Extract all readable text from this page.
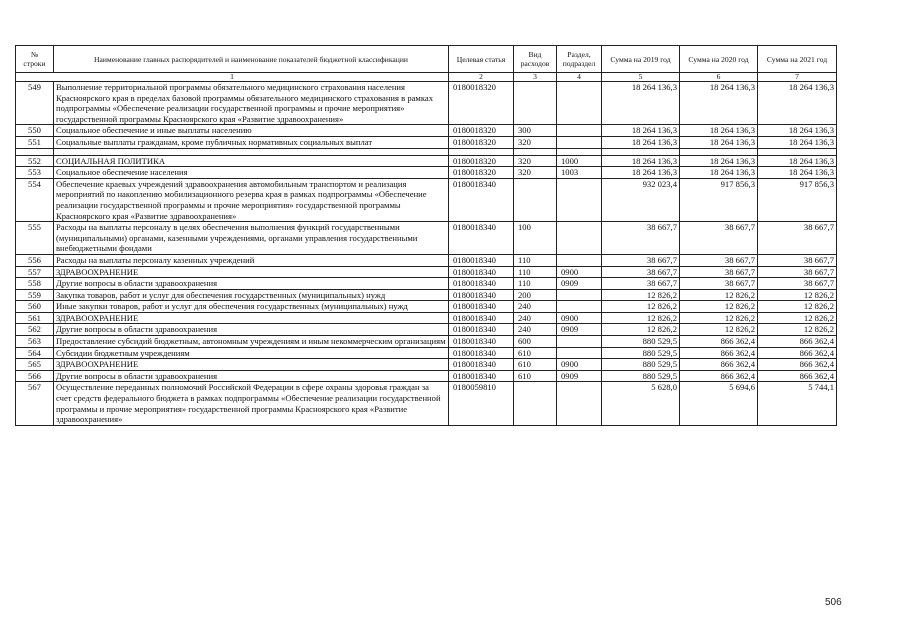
№
строки	Наименование главных распорядителей и наименование показателей бюджетной классификации	Целевая статья	Вид расходов	Раздел, подраздел	Сумма на 2019 год	Сумма на 2020 год	Сумма на 2021 год
1		2	3	4	5	6	7
549	Выполнение территориальной программы обязательного медицинского страхования населения Красноярского края в пределах базовой программы обязательного медицинского страхования в рамках подпрограммы «Обеспечение реализации государственной программы и прочие мероприятия» государственной программы Красноярского края «Развитие здравоохранения»	0180018320			18 264 136,3	18 264 136,3	18 264 136,3
550	Социальное обеспечение и иные выплаты населению	0180018320	300		18 264 136,3	18 264 136,3	18 264 136,3
551	Социальные выплаты гражданам, кроме публичных нормативных социальных выплат	0180018320	320		18 264 136,3	18 264 136,3	18 264 136,3

552	СОЦИАЛЬНАЯ ПОЛИТИКА	0180018320	320	1000	18 264 136,3	18 264 136,3	18 264 136,3
553	Социальное обеспечение населения	0180018320	320	1003	18 264 136,3	18 264 136,3	18 264 136,3
554	Обеспечение краевых учреждений здравоохранения автомобильным транспортом и реализация мероприятий по накоплению мобилизационного резерва края в рамках подпрограммы «Обеспечение реализации государственной программы и прочие мероприятия» государственной программы Красноярского края «Развитие здравоохранения»	0180018340			932 023,4	917 856,3	917 856,3
555	Расходы на выплаты персоналу в целях обеспечения выполнения функций государственными (муниципальными) органами, казенными учреждениями, органами управления государственными внебюджетными фондами	0180018340	100		38 667,7	38 667,7	38 667,7
556	Расходы на выплаты персоналу казенных учреждений	0180018340	110		38 667,7	38 667,7	38 667,7
557	ЗДРАВООХРАНЕНИЕ	0180018340	110	0900	38 667,7	38 667,7	38 667,7
558	Другие вопросы в области здравоохранения	0180018340	110	0909	38 667,7	38 667,7	38 667,7
559	Закупка товаров, работ и услуг для обеспечения государственных (муниципальных) нужд	0180018340	200		12 826,2	12 826,2	12 826,2
560	Иные закупки товаров, работ и услуг для обеспечения государственных (муниципальных) нужд	0180018340	240		12 826,2	12 826,2	12 826,2
561	ЗДРАВООХРАНЕНИЕ	0180018340	240	0900	12 826,2	12 826,2	12 826,2
562	Другие вопросы в области здравоохранения	0180018340	240	0909	12 826,2	12 826,2	12 826,2
563	Предоставление субсидий бюджетным, автономным учреждениям и иным некоммерческим организациям	0180018340	600		880 529,5	866 362,4	866 362,4
564	Субсидии бюджетным учреждениям	0180018340	610		880 529,5	866 362,4	866 362,4
565	ЗДРАВООХРАНЕНИЕ	0180018340	610	0900	880 529,5	866 362,4	866 362,4
566	Другие вопросы в области здравоохранения	0180018340	610	0909	880 529,5	866 362,4	866 362,4
567	Осуществление переданных полномочий Российской Федерации в сфере охраны здоровья граждан за счет средств федерального бюджета в рамках подпрограммы «Обеспечение реализации государственной программы и прочие мероприятия» государственной программы Красноярского края «Развитие здравоохранения»	0180059810			5 628,0	5 694,6	5 744,1
506
